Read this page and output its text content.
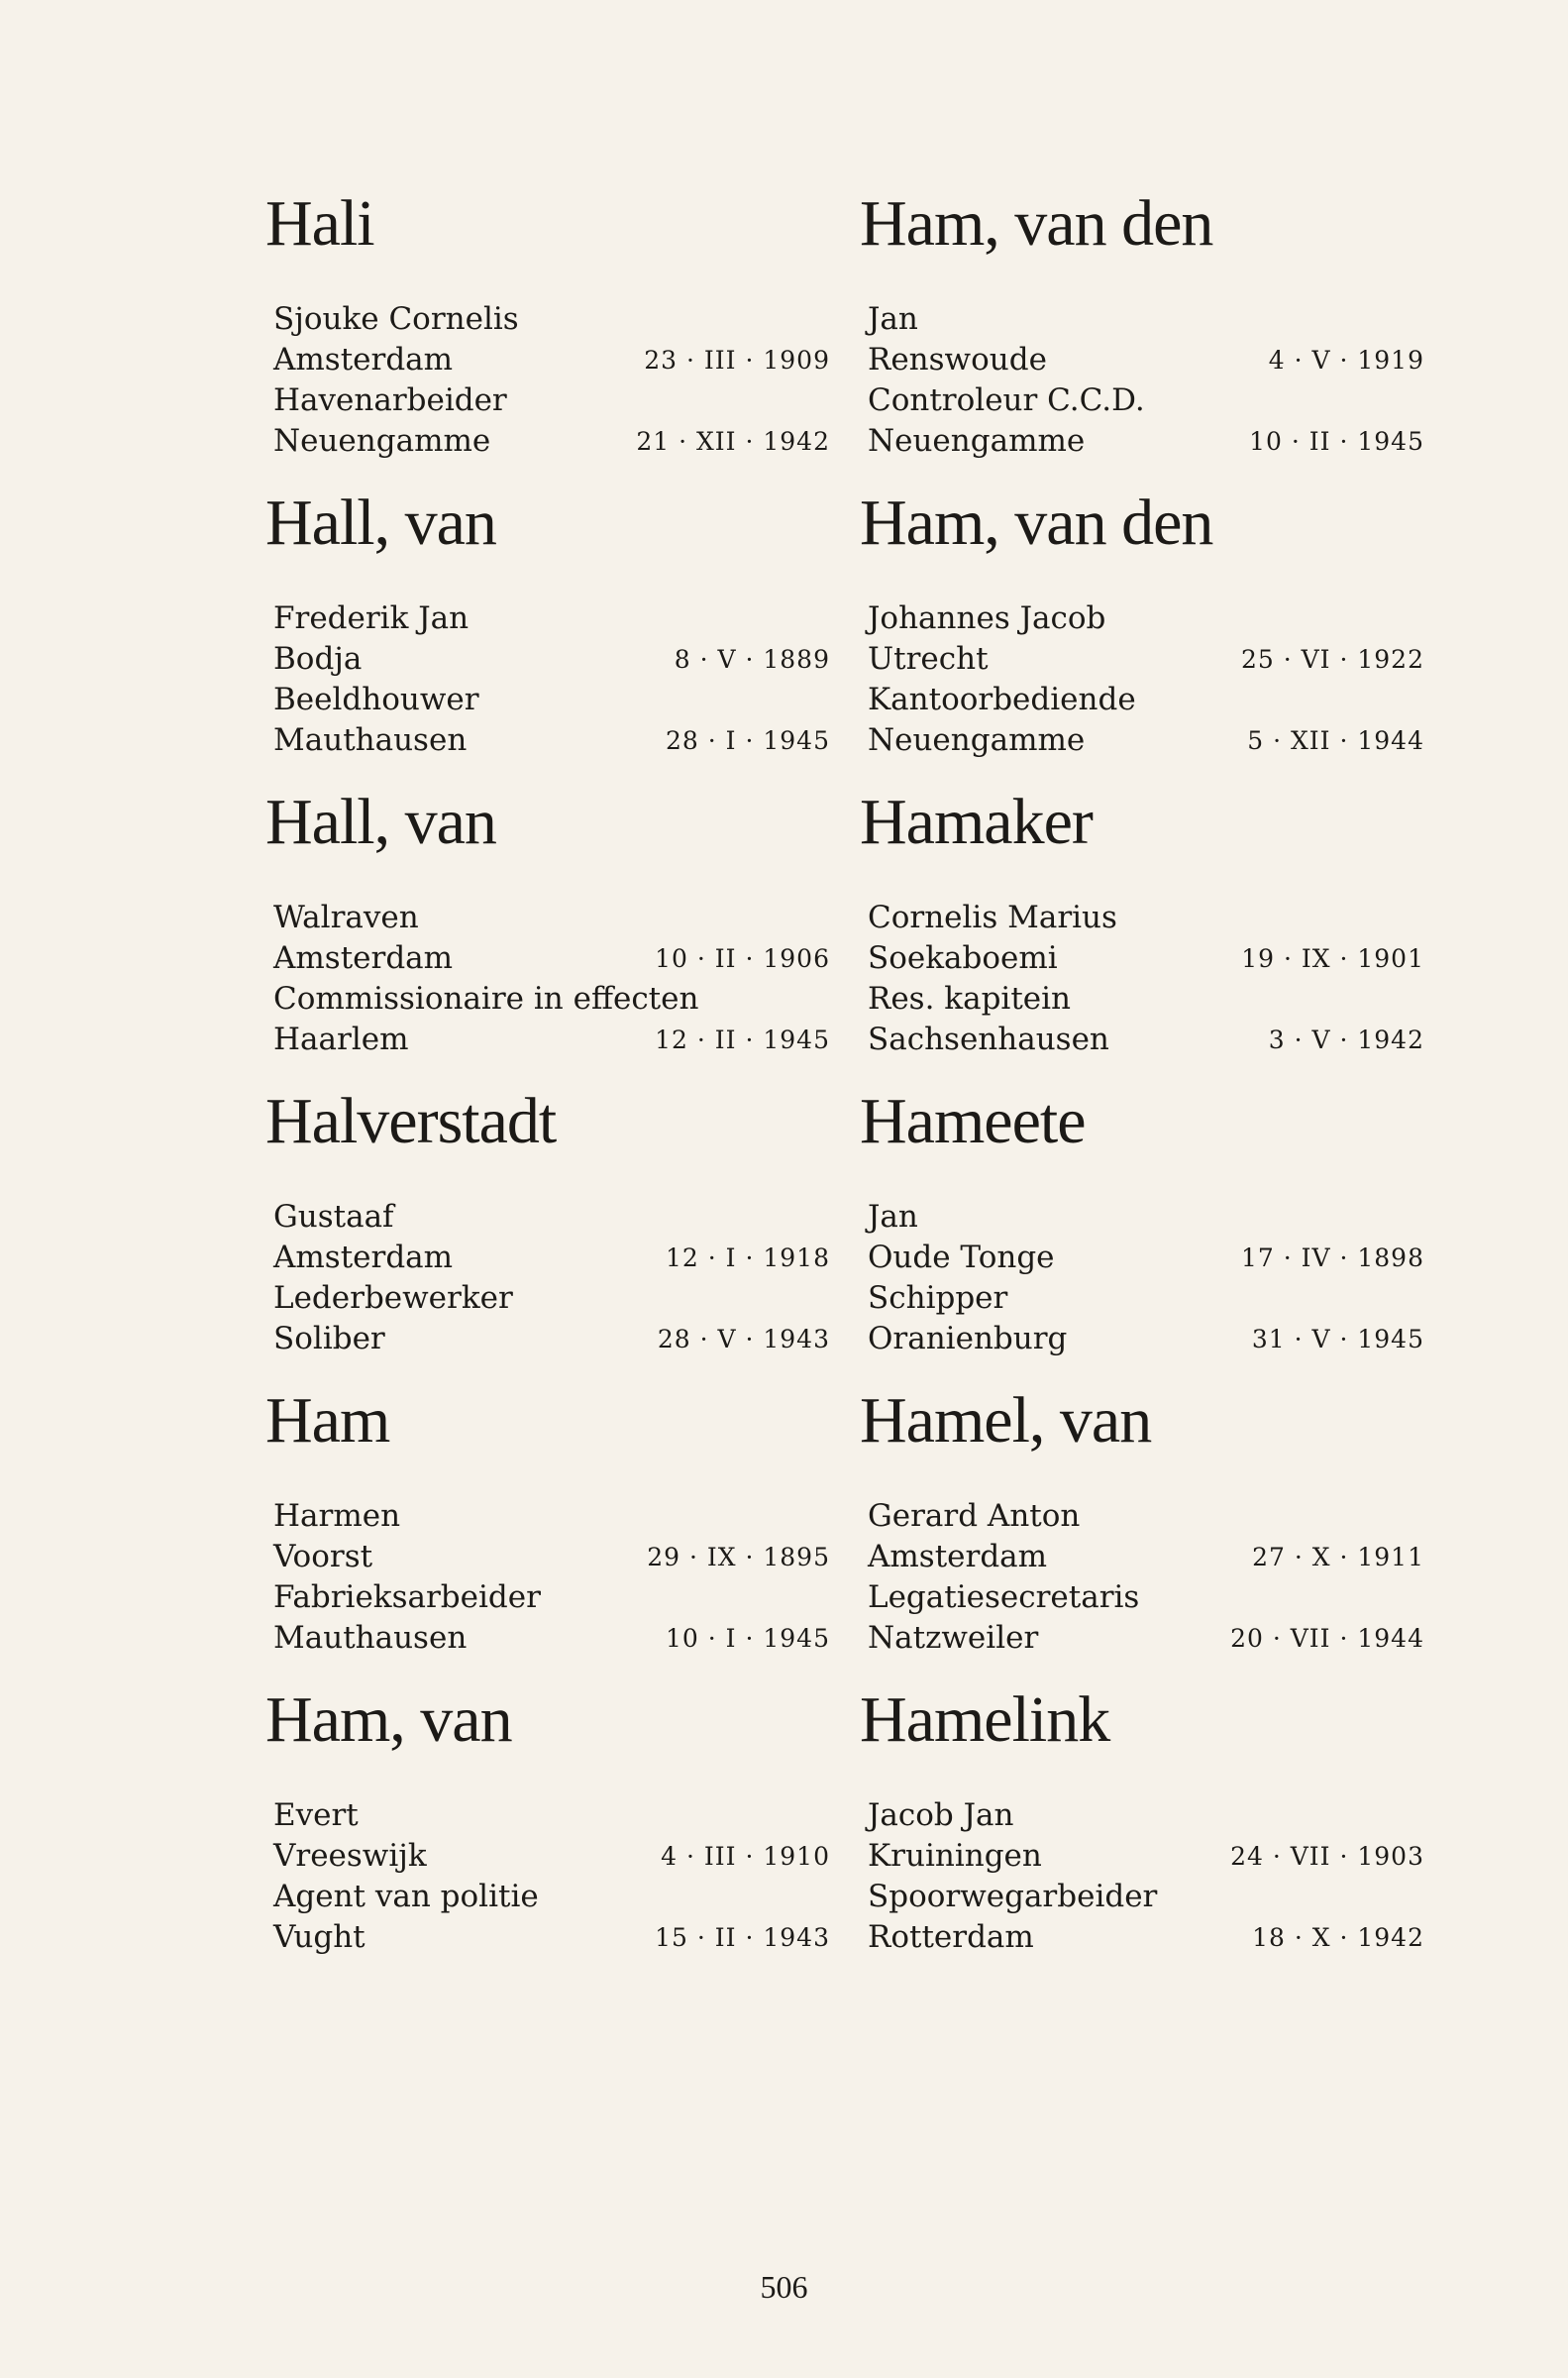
Hali
Sjouke Cornelis
Amsterdam	23 · III · 1909
Havenarbeider
Neuengamme	21 · XII · 1942
Hall, van
Frederik Jan
Bodja	8 · V · 1889
Beeldhouwer
Mauthausen	28 · I · 1945
Hall, van
Walraven
Amsterdam	10 · II · 1906
Commissionaire in effecten
Haarlem	12 · II · 1945
Halverstadt
Gustaaf
Amsterdam	12 · I · 1918
Lederbewerker
Soliber	28 · V · 1943
Ham
Harmen
Voorst	29 · IX · 1895
Fabrieksarbeider
Mauthausen	10 · I · 1945
Ham, van
Evert
Vreeswijk	4 · III · 1910
Agent van politie
Vught	15 · II · 1943
Ham, van den
Jan
Renswoude	4 · V · 1919
Controleur C.C.D.
Neuengamme	10 · II · 1945
Ham, van den
Johannes Jacob
Utrecht	25 · VI · 1922
Kantoorbediende
Neuengamme	5 · XII · 1944
Hamaker
Cornelis Marius
Soekaboemi	19 · IX · 1901
Res. kapitein
Sachsenhausen	3 · V · 1942
Hameete
Jan
Oude Tonge	17 · IV · 1898
Schipper
Oranienburg	31 · V · 1945
Hamel, van
Gerard Anton
Amsterdam	27 · X · 1911
Legatiesecretaris
Natzweiler	20 · VII · 1944
Hamelink
Jacob Jan
Kruiningen	24 · VII · 1903
Spoorwegarbeider
Rotterdam	18 · X · 1942
506
